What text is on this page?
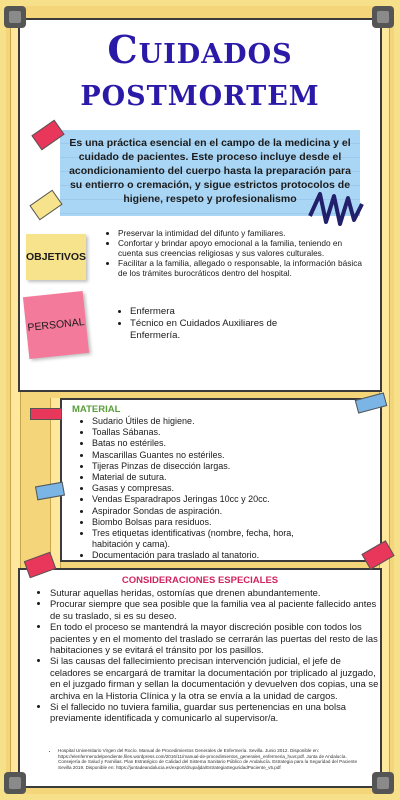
Cuidados
postmortem
Es una práctica esencial en el campo de la medicina y el cuidado de pacientes. Este proceso incluye desde el acondicionamiento del cuerpo hasta la preparación para su entierro o cremación, y sigue estrictos protocolos de higiene, respeto y profesionalismo
OBJETIVOS
• Preservar la intimidad del difunto y familiares.
• Confortar y brindar apoyo emocional a la familia, teniendo en cuenta sus creencias religiosas y sus valores culturales.
• Facilitar a la familia, allegado o responsable, la información básica de los trámites burocráticos dentro del hospital.
PERSONAL
• Enfermera
• Técnico en Cuidados Auxiliares de Enfermería.
MATERIAL
• Sudario Útiles de higiene.
• Toallas Sábanas.
• Batas no estériles.
• Mascarillas Guantes no estériles.
• Tijeras Pinzas de disección largas.
• Material de sutura.
• Gasas y compresas.
• Vendas Esparadrapos Jeringas 10cc y 20cc.
• Aspirador Sondas de aspiración.
• Biombo Bolsas para residuos.
• Tres etiquetas identificativas (nombre, fecha, hora, habitación y cama).
• Documentación para traslado al tanatorio.
CONSIDERACIONES ESPECIALES
• Suturar aquellas heridas, ostomías que drenen abundantemente.
• Procurar siempre que sea posible que la familia vea al paciente fallecido antes de su traslado, si es su deseo.
• En todo el proceso se mantendrá la mayor discreción posible con todos los pacientes y en el momento del traslado se cerrarán las puertas del resto de las habitaciones y se evitará el tránsito por los pasillos.
• Si las causas del fallecimiento precisan intervención judicial, el jefe de celadores se encargará de tramitar la documentación por triplicado al juzgado, en el juzgado firman y sellan la documentación y devuelven dos copias, una se archiva en la Historia Clínica y la otra se envía a la unidad de cargos.
• Si el fallecido no tuviera familia, guardar sus pertenencias en una bolsa previamente identificada y comunicarlo al supervisor/a.
• Hospital Universitario Virgen del Rocío. Manual de Procedimientos Generales de Enfermería. Sevilla. Junio 2012. Disponible en: https://elenfermerodelpendiente.files.wordpress.com/2016/11/manual-de-procedimientos_generales_enfermeria_huvr.pdf. Junta de Andalucía. Consejería de Salud y Familias. Plan Estratégico de Calidad del Sistema Sanitario Público de Andalucía. Estrategia para la Seguridad del Paciente Sevilla 2019. Disponible en: https://juntadeandalucia.es/export/drupaljda/EstrategiaSeguridadPaciente_v5.pdf
